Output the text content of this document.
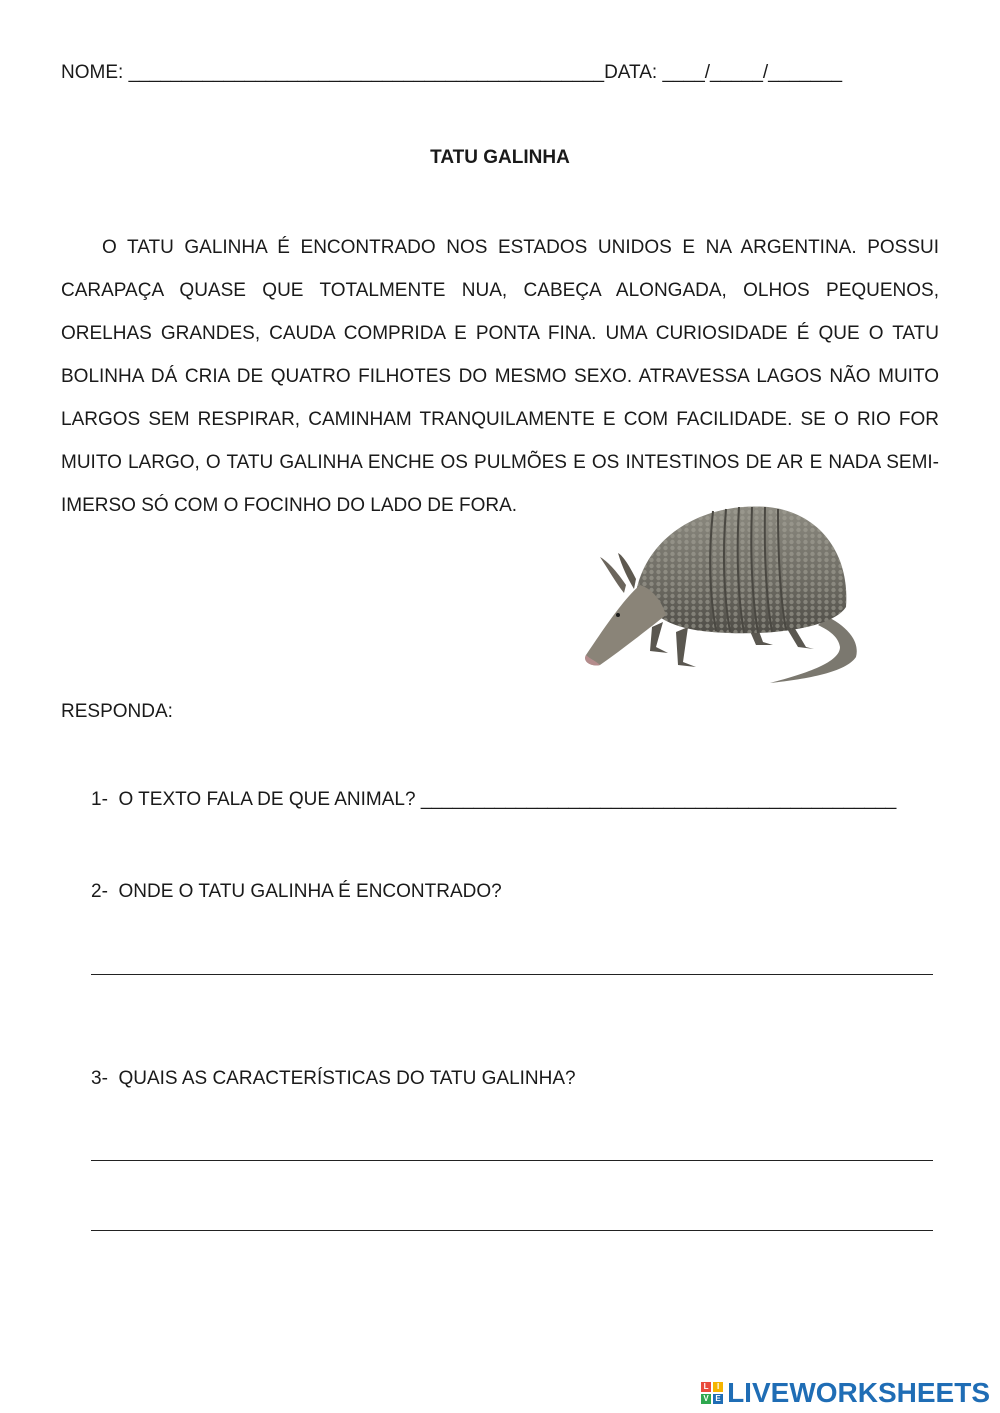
NOME: _____________________________________________DATA: ____/_____/_______
TATU GALINHA
O TATU GALINHA É ENCONTRADO NOS ESTADOS UNIDOS E NA ARGENTINA. POSSUI
CARAPAÇA QUASE QUE TOTALMENTE NUA, CABEÇA ALONGADA, OLHOS PEQUENOS,
ORELHAS GRANDES, CAUDA COMPRIDA E PONTA FINA. UMA CURIOSIDADE É QUE O TATU
BOLINHA DÁ CRIA DE QUATRO FILHOTES DO MESMO SEXO. ATRAVESSA LAGOS NÃO MUITO
LARGOS SEM RESPIRAR, CAMINHAM TRANQUILAMENTE E COM FACILIDADE. SE O RIO FOR
MUITO LARGO, O TATU GALINHA ENCHE OS PULMÕES E OS INTESTINOS DE AR E NADA SEMI-
IMERSO SÓ COM O FOCINHO DO LADO DE FORA.
RESPONDA:
1- O TEXTO FALA DE QUE ANIMAL? _____________________________________________
2- ONDE O TATU GALINHA É ENCONTRADO?
3- QUAIS AS CARACTERÍSTICAS DO TATU GALINHA?
L	I
V E LIVEWORKSHEETS
